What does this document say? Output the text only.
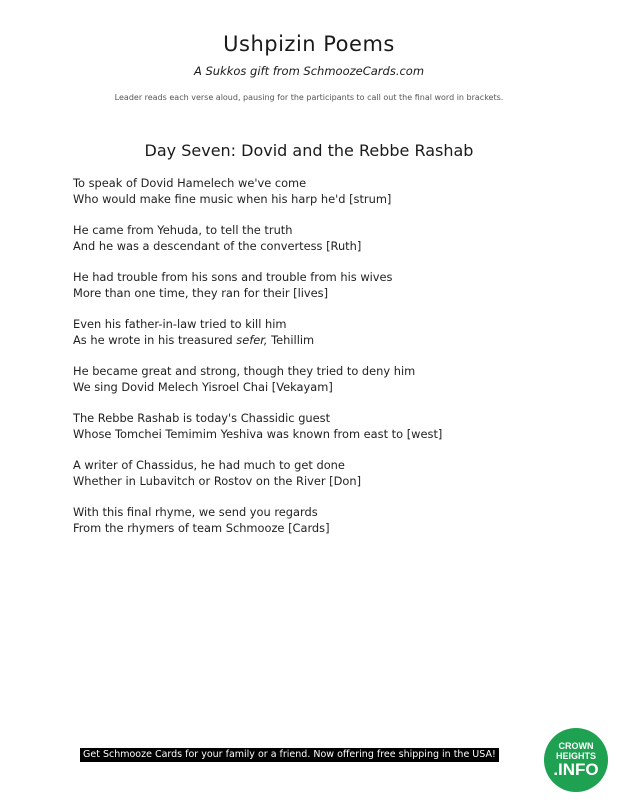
Ushpizin Poems
A Sukkos gift from SchmoozeCards.com
Leader reads each verse aloud, pausing for the participants to call out the final word in brackets.
Day Seven: Dovid and the Rebbe Rashab
To speak of Dovid Hamelech we've come
Who would make fine music when his harp he'd [strum]
He came from Yehuda, to tell the truth
And he was a descendant of the convertess [Ruth]
He had trouble from his sons and trouble from his wives
More than one time, they ran for their [lives]
Even his father-in-law tried to kill him
As he wrote in his treasured sefer, Tehillim
He became great and strong, though they tried to deny him
We sing Dovid Melech Yisroel Chai [Vekayam]
The Rebbe Rashab is today's Chassidic guest
Whose Tomchei Temimim Yeshiva was known from east to [west]
A writer of Chassidus, he had much to get done
Whether in Lubavitch or Rostov on the River [Don]
With this final rhyme, we send you regards
From the rhymers of team Schmooze [Cards]
Get Schmooze Cards for your family or a friend. Now offering free shipping in the USA!
CROWN
HEIGHTS
.INFO
